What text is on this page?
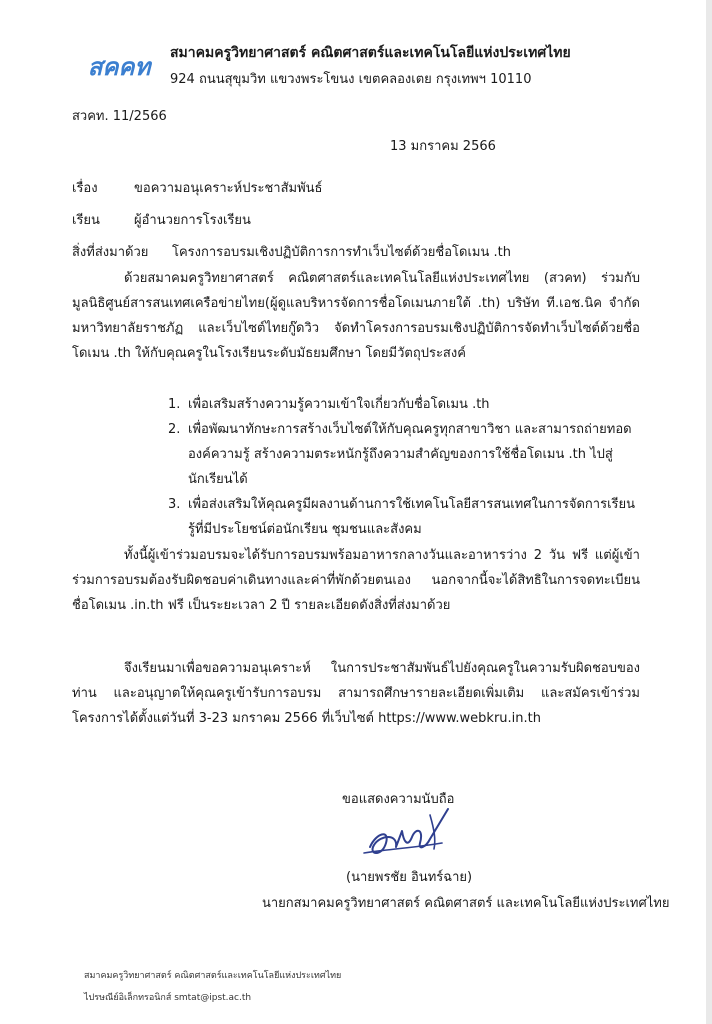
สคคท สมาคมครูวิทยาศาสตร์ คณิตศาสตร์และเทคโนโลยีแห่งประเทศไทย
924 ถนนสุขุมวิท แขวงพระโขนง เขตคลองเตย กรุงเทพฯ 10110
สวคท. 11/2566
13 มกราคม 2566
เรื่อง	ขอความอนุเคราะห์ประชาสัมพันธ์
เรียน	ผู้อำนวยการโรงเรียน
สิ่งที่ส่งมาด้วย โครงการอบรมเชิงปฏิบัติการการทำเว็บไซต์ด้วยชื่อโดเมน .th
ด้วยสมาคมครูวิทยาศาสตร์ คณิตศาสตร์และเทคโนโลยีแห่งประเทศไทย (สวคท) ร่วมกับ มูลนิธิศูนย์สารสนเทศเครือข่ายไทย(ผู้ดูแลบริหารจัดการชื่อโดเมนภายใต้ .th) บริษัท ที.เอช.นิค จำกัด มหาวิทยาลัยราชภัฏ และเว็บไซต์ไทยกู๊ดวิว จัดทำโครงการอบรมเชิงปฏิบัติการจัดทำเว็บไซต์ด้วยชื่อโดเมน .th ให้กับคุณครูในโรงเรียนระดับมัธยมศึกษา โดยมีวัตถุประสงค์
1. เพื่อเสริมสร้างความรู้ความเข้าใจเกี่ยวกับชื่อโดเมน .th
2. เพื่อพัฒนาทักษะการสร้างเว็บไซต์ให้กับคุณครูทุกสาขาวิชา และสามารถถ่ายทอดองค์ความรู้ สร้างความตระหนักรู้ถึงความสำคัญของการใช้ชื่อโดเมน .th ไปสู่นักเรียนได้
3. เพื่อส่งเสริมให้คุณครูมีผลงานด้านการใช้เทคโนโลยีสารสนเทศในการจัดการเรียนรู้ที่มีประโยชน์ต่อนักเรียน ชุมชนและสังคม
ทั้งนี้ผู้เข้าร่วมอบรมจะได้รับการอบรมพร้อมอาหารกลางวันและอาหารว่าง 2 วัน ฟรี แต่ผู้เข้าร่วมการอบรมต้องรับผิดชอบค่าเดินทางและค่าที่พักด้วยตนเอง นอกจากนี้จะได้สิทธิในการจดทะเบียนชื่อโดเมน .in.th ฟรี เป็นระยะเวลา 2 ปี รายละเอียดดังสิ่งที่ส่งมาด้วย
จึงเรียนมาเพื่อขอความอนุเคราะห์ ในการประชาสัมพันธ์ไปยังคุณครูในความรับผิดชอบของท่าน และอนุญาตให้คุณครูเข้ารับการอบรม สามารถศึกษารายละเอียดเพิ่มเติม และสมัครเข้าร่วมโครงการได้ตั้งแต่วันที่ 3-23 มกราคม 2566 ที่เว็บไซต์ https://www.webkru.in.th
ขอแสดงความนับถือ
(นายพรชัย อินทร์ฉาย)
นายกสมาคมครูวิทยาศาสตร์ คณิตศาสตร์ และเทคโนโลยีแห่งประเทศไทย
สมาคมครูวิทยาศาสตร์ คณิตศาสตร์และเทคโนโลยีแห่งประเทศไทย
ไปรษณีย์อิเล็กทรอนิกส์ smtat@ipst.ac.th
